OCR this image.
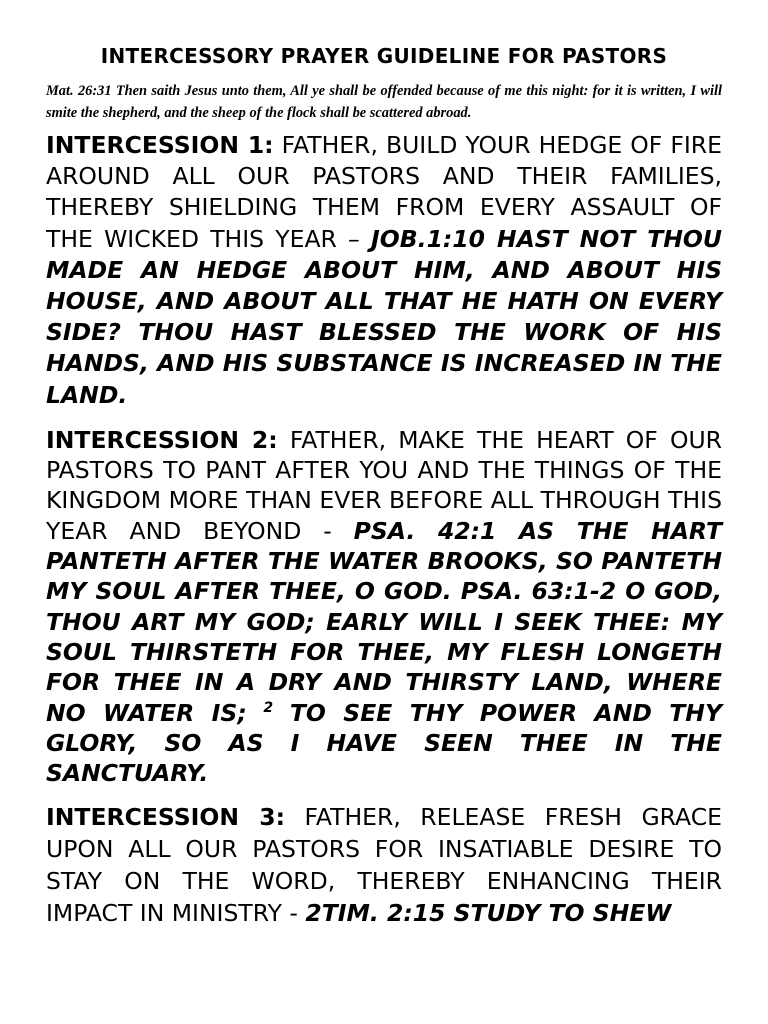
INTERCESSORY PRAYER GUIDELINE FOR PASTORS

Mat. 26:31 Then saith Jesus unto them, All ye shall be offended because of me this night: for it is written, I will smite the shepherd, and the sheep of the flock shall be scattered abroad.

INTERCESSION 1: FATHER, BUILD YOUR HEDGE OF FIRE AROUND ALL OUR PASTORS AND THEIR FAMILIES, THEREBY SHIELDING THEM FROM EVERY ASSAULT OF THE WICKED THIS YEAR – JOB.1:10 HAST NOT THOU MADE AN HEDGE ABOUT HIM, AND ABOUT HIS HOUSE, AND ABOUT ALL THAT HE HATH ON EVERY SIDE? THOU HAST BLESSED THE WORK OF HIS HANDS, AND HIS SUBSTANCE IS INCREASED IN THE LAND.

INTERCESSION 2: FATHER, MAKE THE HEART OF OUR PASTORS TO PANT AFTER YOU AND THE THINGS OF THE KINGDOM MORE THAN EVER BEFORE ALL THROUGH THIS YEAR AND BEYOND - PSA. 42:1 AS THE HART PANTETH AFTER THE WATER BROOKS, SO PANTETH MY SOUL AFTER THEE, O GOD. PSA. 63:1-2 O GOD, THOU ART MY GOD; EARLY WILL I SEEK THEE: MY SOUL THIRSTETH FOR THEE, MY FLESH LONGETH FOR THEE IN A DRY AND THIRSTY LAND, WHERE NO WATER IS; $^2$ TO SEE THY POWER AND THY GLORY, SO AS I HAVE SEEN THEE IN THE SANCTUARY.

INTERCESSION 3: FATHER, RELEASE FRESH GRACE UPON ALL OUR PASTORS FOR INSATIABLE DESIRE TO STAY ON THE WORD, THEREBY ENHANCING THEIR IMPACT IN MINISTRY - 2TIM. 2:15 STUDY TO SHEW
